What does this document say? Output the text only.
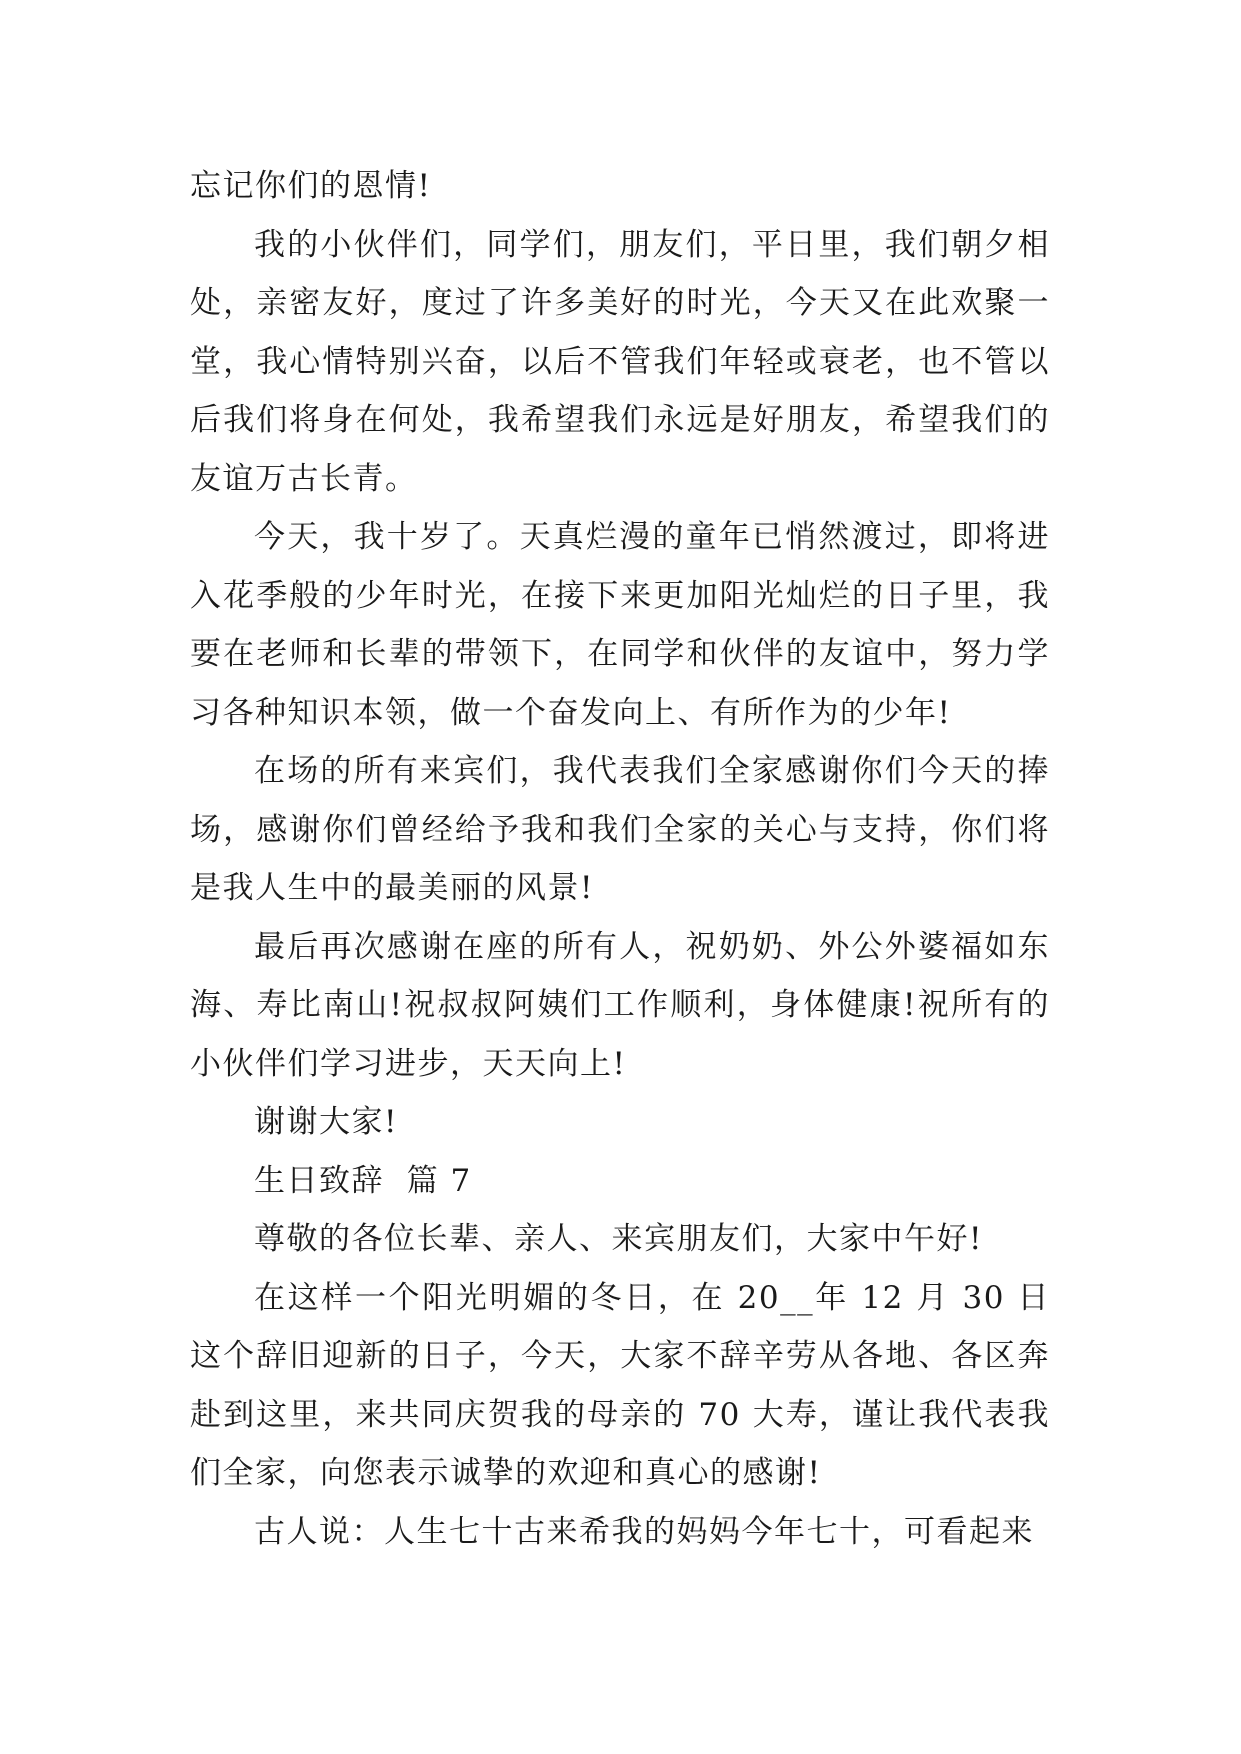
忘记你们的恩情!

我的小伙伴们，同学们，朋友们，平日里，我们朝夕相处，亲密友好，度过了许多美好的时光，今天又在此欢聚一堂，我心情特别兴奋，以后不管我们年轻或衰老，也不管以后我们将身在何处，我希望我们永远是好朋友，希望我们的友谊万古长青。

今天，我十岁了。天真烂漫的童年已悄然渡过，即将进入花季般的少年时光，在接下来更加阳光灿烂的日子里，我要在老师和长辈的带领下，在同学和伙伴的友谊中，努力学习各种知识本领，做一个奋发向上、有所作为的少年!

在场的所有来宾们，我代表我们全家感谢你们今天的捧场，感谢你们曾经给予我和我们全家的关心与支持，你们将是我人生中的最美丽的风景!

最后再次感谢在座的所有人，祝奶奶、外公外婆福如东海、寿比南山!祝叔叔阿姨们工作顺利，身体健康!祝所有的小伙伴们学习进步，天天向上!

谢谢大家!

生日致辞  篇 7

尊敬的各位长辈、亲人、来宾朋友们，大家中午好!

在这样一个阳光明媚的冬日，在 20__年 12 月 30 日这个辞旧迎新的日子，今天，大家不辞辛劳从各地、各区奔赴到这里，来共同庆贺我的母亲的 70 大寿，谨让我代表我们全家，向您表示诚挚的欢迎和真心的感谢!

古人说：人生七十古来希我的妈妈今年七十，可看起来
